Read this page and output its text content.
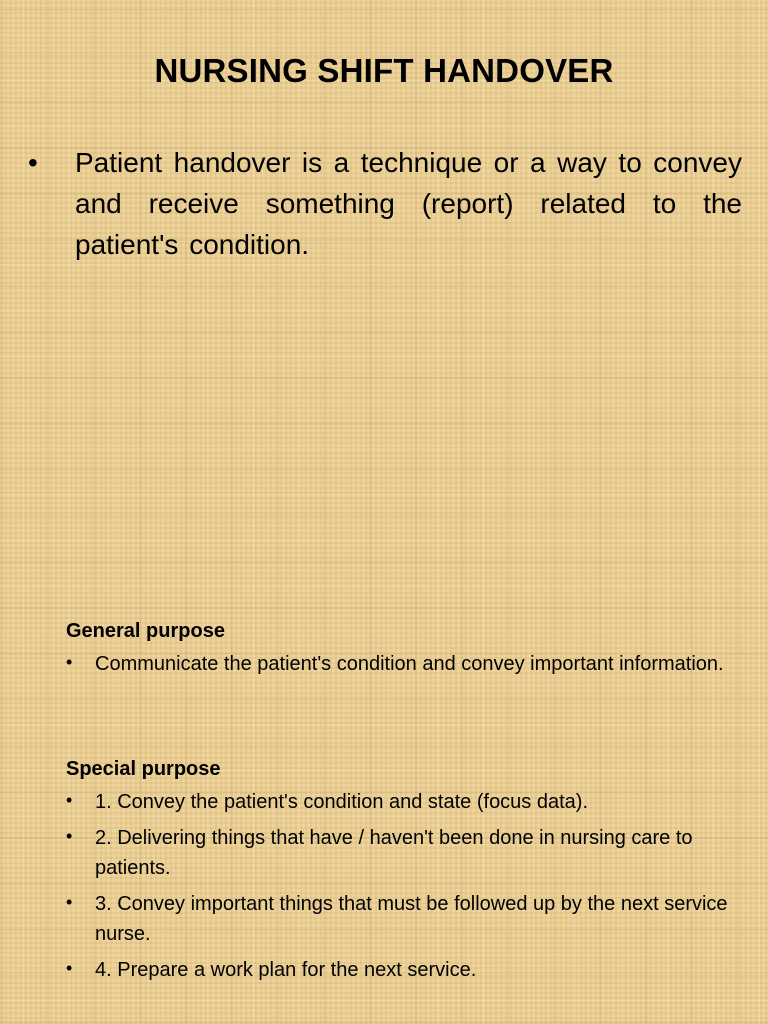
NURSING SHIFT HANDOVER
• Patient handover is a technique or a way to convey and receive something (report) related to the patient's condition.
General purpose
• Communicate the patient's condition and convey important information.
Special purpose
• 1. Convey the patient's condition and state (focus data).
• 2. Delivering things that have / haven't been done in nursing care to patients.
• 3. Convey important things that must be followed up by the next service nurse.
• 4. Prepare a work plan for the next service.
